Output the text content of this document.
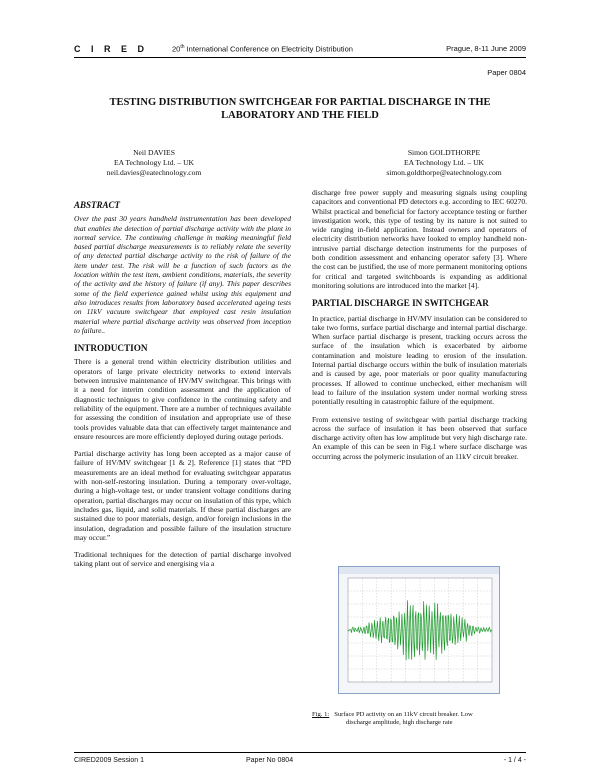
C I R E D	20th International Conference on Electricity Distribution	Prague, 8-11 June 2009
Paper 0804
TESTING DISTRIBUTION SWITCHGEAR FOR PARTIAL DISCHARGE IN THE
LABORATORY AND THE FIELD
Neil DAVIES
EA Technology Ltd. – UK
neil.davies@eatechnology.com
Simon GOLDTHORPE
EA Technology Ltd. – UK
simon.goldthorpe@eatechnology.com
ABSTRACT

Over the past 30 years handheld instrumentation has been developed that enables the detection of partial discharge activity with the plant in normal service. The continuing challenge in making meaningful field based partial discharge measurements is to reliably relate the severity of any detected partial discharge activity to the risk of failure of the item under test. The risk will be a function of such factors as the location within the test item, ambient conditions, materials, the severity of the activity and the history of failure (if any). This paper describes some of the field experience gained whilst using this equipment and also introduces results from laboratory based accelerated ageing tests on 11kV vacuum switchgear that employed cast resin insulation material where partial discharge activity was observed from inception to failure..

INTRODUCTION

There is a general trend within electricity distribution utilities and operators of large private electricity networks to extend intervals between intrusive maintenance of HV/MV switchgear. This brings with it a need for interim condition assessment and the application of diagnostic techniques to give confidence in the continuing safety and reliability of the equipment. There are a number of techniques available for assessing the condition of insulation and appropriate use of these tools provides valuable data that can effectively target maintenance and ensure resources are more efficiently deployed during outage periods.

Partial discharge activity has long been accepted as a major cause of failure of HV/MV switchgear [1 & 2]. Reference [1] states that “PD measurements are an ideal method for evaluating switchgear apparatus with non-self-restoring insulation. During a temporary over-voltage, during a high-voltage test, or under transient voltage conditions during operation, partial discharges may occur on insulation of this type, which includes gas, liquid, and solid materials. If these partial discharges are sustained due to poor materials, design, and/or foreign inclusions in the insulation, degradation and possible failure of the insulation structure may occur.”

Traditional techniques for the detection of partial discharge involved taking plant out of service and energising via a

discharge free power supply and measuring signals using coupling capacitors and conventional PD detectors e.g. according to IEC 60270. Whilst practical and beneficial for factory acceptance testing or further investigation work, this type of testing by its nature is not suited to wide ranging in-field application. Instead owners and operators of electricity distribution networks have looked to employ handheld non-intrusive partial discharge detection instruments for the purposes of both condition assessment and enhancing operator safety [3]. Where the cost can be justified, the use of more permanent monitoring options for critical and targeted switchboards is expanding as additional monitoring solutions are introduced into the market [4].

PARTIAL DISCHARGE IN SWITCHGEAR

In practice, partial discharge in HV/MV insulation can be considered to take two forms, surface partial discharge and internal partial discharge. When surface partial discharge is present, tracking occurs across the surface of the insulation which is exacerbated by airborne contamination and moisture leading to erosion of the insulation. Internal partial discharge occurs within the bulk of insulation materials and is caused by age, poor materials or poor quality manufacturing processes. If allowed to continue unchecked, either mechanism will lead to failure of the insulation system under normal working stress potentially resulting in catastrophic failure of the equipment.

From extensive testing of switchgear with partial discharge tracking across the surface of insulation it has been observed that surface discharge activity often has low amplitude but very high discharge rate. An example of this can be seen in Fig.1 where surface discharge was occurring across the polymeric insulation of an 11kV circuit breaker.

Fig. 1: Surface PD activity on an 11kV circuit breaker. Low
discharge amplitude, high discharge rate
CIRED2009 Session 1	Paper No 0804	- 1 / 4 -
